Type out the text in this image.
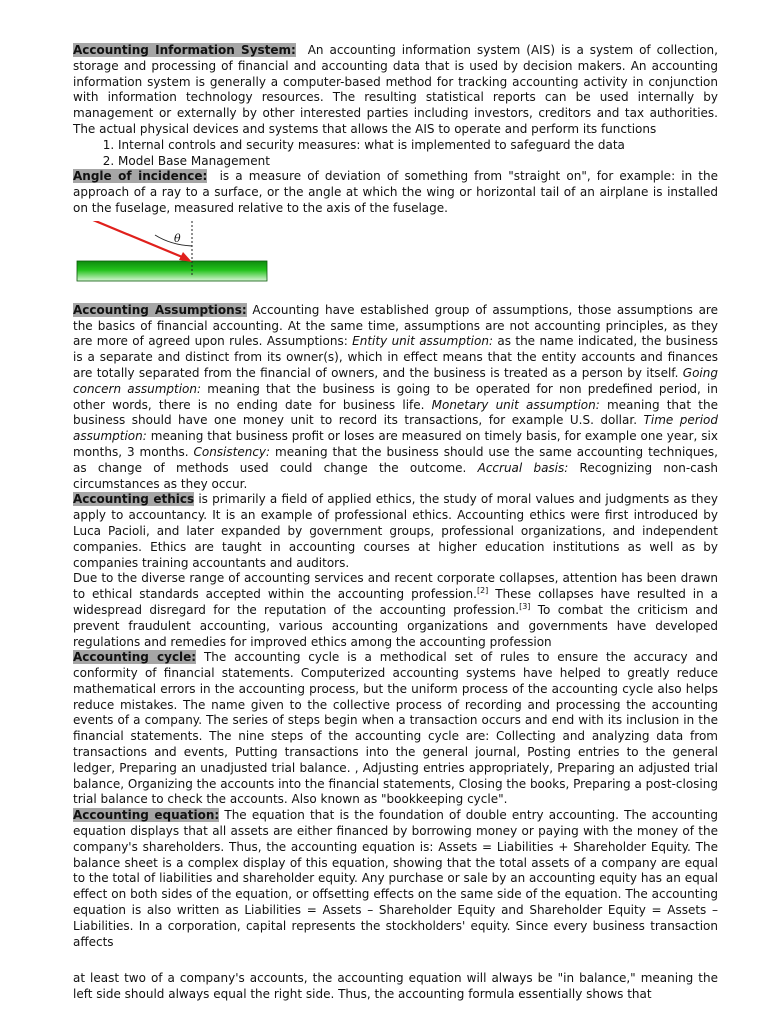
Accounting Information System: An accounting information system (AIS) is a system of collection, storage and processing of financial and accounting data that is used by decision makers. An accounting information system is generally a computer-based method for tracking accounting activity in conjunction with information technology resources. The resulting statistical reports can be used internally by management or externally by other interested parties including investors, creditors and tax authorities. The actual physical devices and systems that allows the AIS to operate and perform its functions

1. Internal controls and security measures: what is implemented to safeguard the data
2. Model Base Management

Angle of incidence: is a measure of deviation of something from "straight on", for example: in the approach of a ray to a surface, or the angle at which the wing or horizontal tail of an airplane is installed on the fuselage, measured relative to the axis of the fuselage.

θ

Accounting Assumptions: Accounting have established group of assumptions, those assumptions are the basics of financial accounting. At the same time, assumptions are not accounting principles, as they are more of agreed upon rules. Assumptions: Entity unit assumption: as the name indicated, the business is a separate and distinct from its owner(s), which in effect means that the entity accounts and finances are totally separated from the financial of owners, and the business is treated as a person by itself. Going concern assumption: meaning that the business is going to be operated for non predefined period, in other words, there is no ending date for business life. Monetary unit assumption: meaning that the business should have one money unit to record its transactions, for example U.S. dollar. Time period assumption: meaning that business profit or loses are measured on timely basis, for example one year, six months, 3 months. Consistency: meaning that the business should use the same accounting techniques, as change of methods used could change the outcome. Accrual basis: Recognizing non-cash circumstances as they occur.

Accounting ethics is primarily a field of applied ethics, the study of moral values and judgments as they apply to accountancy. It is an example of professional ethics. Accounting ethics were first introduced by Luca Pacioli, and later expanded by government groups, professional organizations, and independent companies. Ethics are taught in accounting courses at higher education institutions as well as by companies training accountants and auditors.

Due to the diverse range of accounting services and recent corporate collapses, attention has been drawn to ethical standards accepted within the accounting profession.[2] These collapses have resulted in a widespread disregard for the reputation of the accounting profession.[3] To combat the criticism and prevent fraudulent accounting, various accounting organizations and governments have developed regulations and remedies for improved ethics among the accounting profession

Accounting cycle: The accounting cycle is a methodical set of rules to ensure the accuracy and conformity of financial statements. Computerized accounting systems have helped to greatly reduce mathematical errors in the accounting process, but the uniform process of the accounting cycle also helps reduce mistakes. The name given to the collective process of recording and processing the accounting events of a company. The series of steps begin when a transaction occurs and end with its inclusion in the financial statements. The nine steps of the accounting cycle are: Collecting and analyzing data from transactions and events, Putting transactions into the general journal, Posting entries to the general ledger, Preparing an unadjusted trial balance. , Adjusting entries appropriately, Preparing an adjusted trial balance, Organizing the accounts into the financial statements, Closing the books, Preparing a post-closing trial balance to check the accounts. Also known as "bookkeeping cycle".

Accounting equation: The equation that is the foundation of double entry accounting. The accounting equation displays that all assets are either financed by borrowing money or paying with the money of the company's shareholders. Thus, the accounting equation is: Assets = Liabilities + Shareholder Equity. The balance sheet is a complex display of this equation, showing that the total assets of a company are equal to the total of liabilities and shareholder equity. Any purchase or sale by an accounting equity has an equal effect on both sides of the equation, or offsetting effects on the same side of the equation. The accounting equation is also written as Liabilities = Assets – Shareholder Equity and Shareholder Equity = Assets – Liabilities. In a corporation, capital represents the stockholders' equity. Since every business transaction affects

at least two of a company's accounts, the accounting equation will always be "in balance," meaning the left side should always equal the right side. Thus, the accounting formula essentially shows that
